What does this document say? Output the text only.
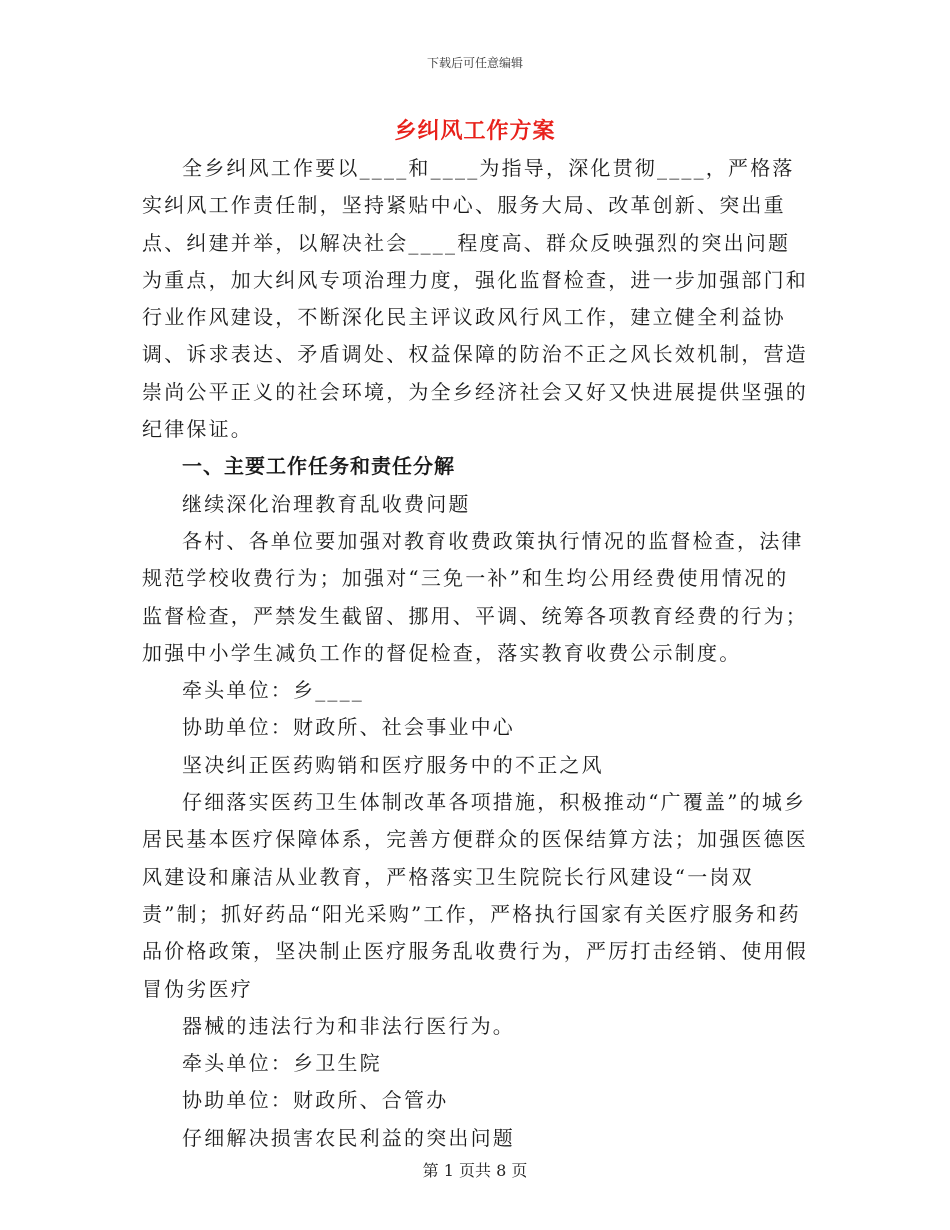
下载后可任意编辑
乡纠风工作方案

全乡纠风工作要以____和____为指导，深化贯彻____，严格落实纠风工作责任制，坚持紧贴中心、服务大局、改革创新、突出重点、纠建并举，以解决社会____程度高、群众反映强烈的突出问题为重点，加大纠风专项治理力度，强化监督检查，进一步加强部门和行业作风建设，不断深化民主评议政风行风工作，建立健全利益协调、诉求表达、矛盾调处、权益保障的防治不正之风长效机制，营造崇尚公平正义的社会环境，为全乡经济社会又好又快进展提供坚强的纪律保证。

一、主要工作任务和责任分解

继续深化治理教育乱收费问题

各村、各单位要加强对教育收费政策执行情况的监督检查，法律规范学校收费行为；加强对“三免一补”和生均公用经费使用情况的监督检查，严禁发生截留、挪用、平调、统筹各项教育经费的行为；加强中小学生减负工作的督促检查，落实教育收费公示制度。

牵头单位：乡____

协助单位：财政所、社会事业中心

坚决纠正医药购销和医疗服务中的不正之风

仔细落实医药卫生体制改革各项措施，积极推动“广覆盖”的城乡居民基本医疗保障体系，完善方便群众的医保结算方法；加强医德医风建设和廉洁从业教育，严格落实卫生院院长行风建设“一岗双责”制；抓好药品“阳光采购”工作，严格执行国家有关医疗服务和药品价格政策，坚决制止医疗服务乱收费行为，严厉打击经销、使用假冒伪劣医疗

器械的违法行为和非法行医行为。

牵头单位：乡卫生院

协助单位：财政所、合管办

仔细解决损害农民利益的突出问题

第 1 页共 8 页
